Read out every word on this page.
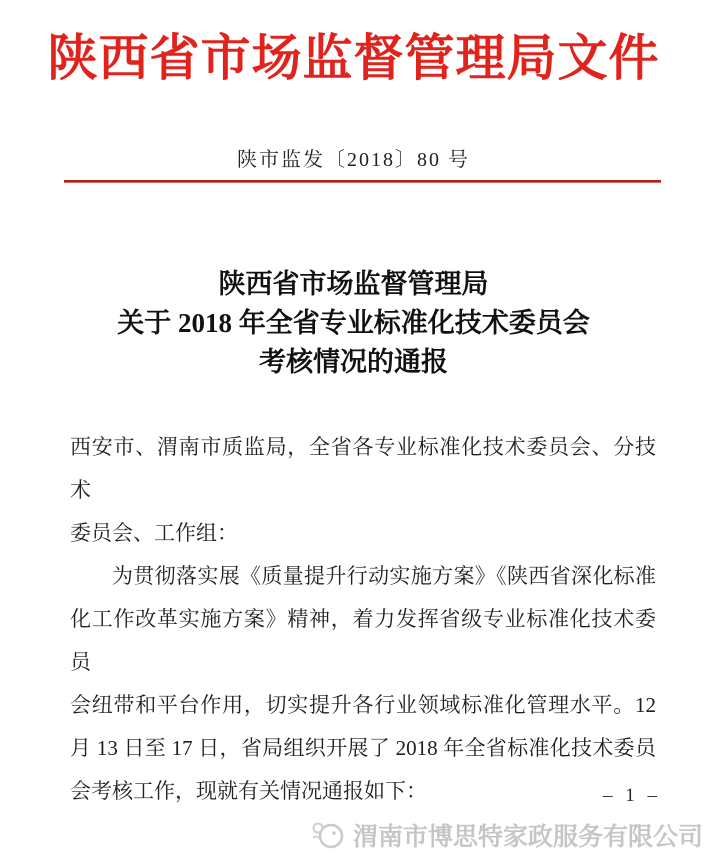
陕西省市场监督管理局文件
陕市监发〔2018〕80 号
陕西省市场监督管理局
关于 2018 年全省专业标准化技术委员会
考核情况的通报
西安市、渭南市质监局，全省各专业标准化技术委员会、分技术
委员会、工作组：
为贯彻落实展《质量提升行动实施方案》《陕西省深化标准
化工作改革实施方案》精神，着力发挥省级专业标准化技术委员
会纽带和平台作用，切实提升各行业领域标准化管理水平。12
月 13 日至 17 日，省局组织开展了 2018 年全省标准化技术委员
会考核工作，现就有关情况通报如下：	– 1 –
渭南市博思特家政服务有限公司
